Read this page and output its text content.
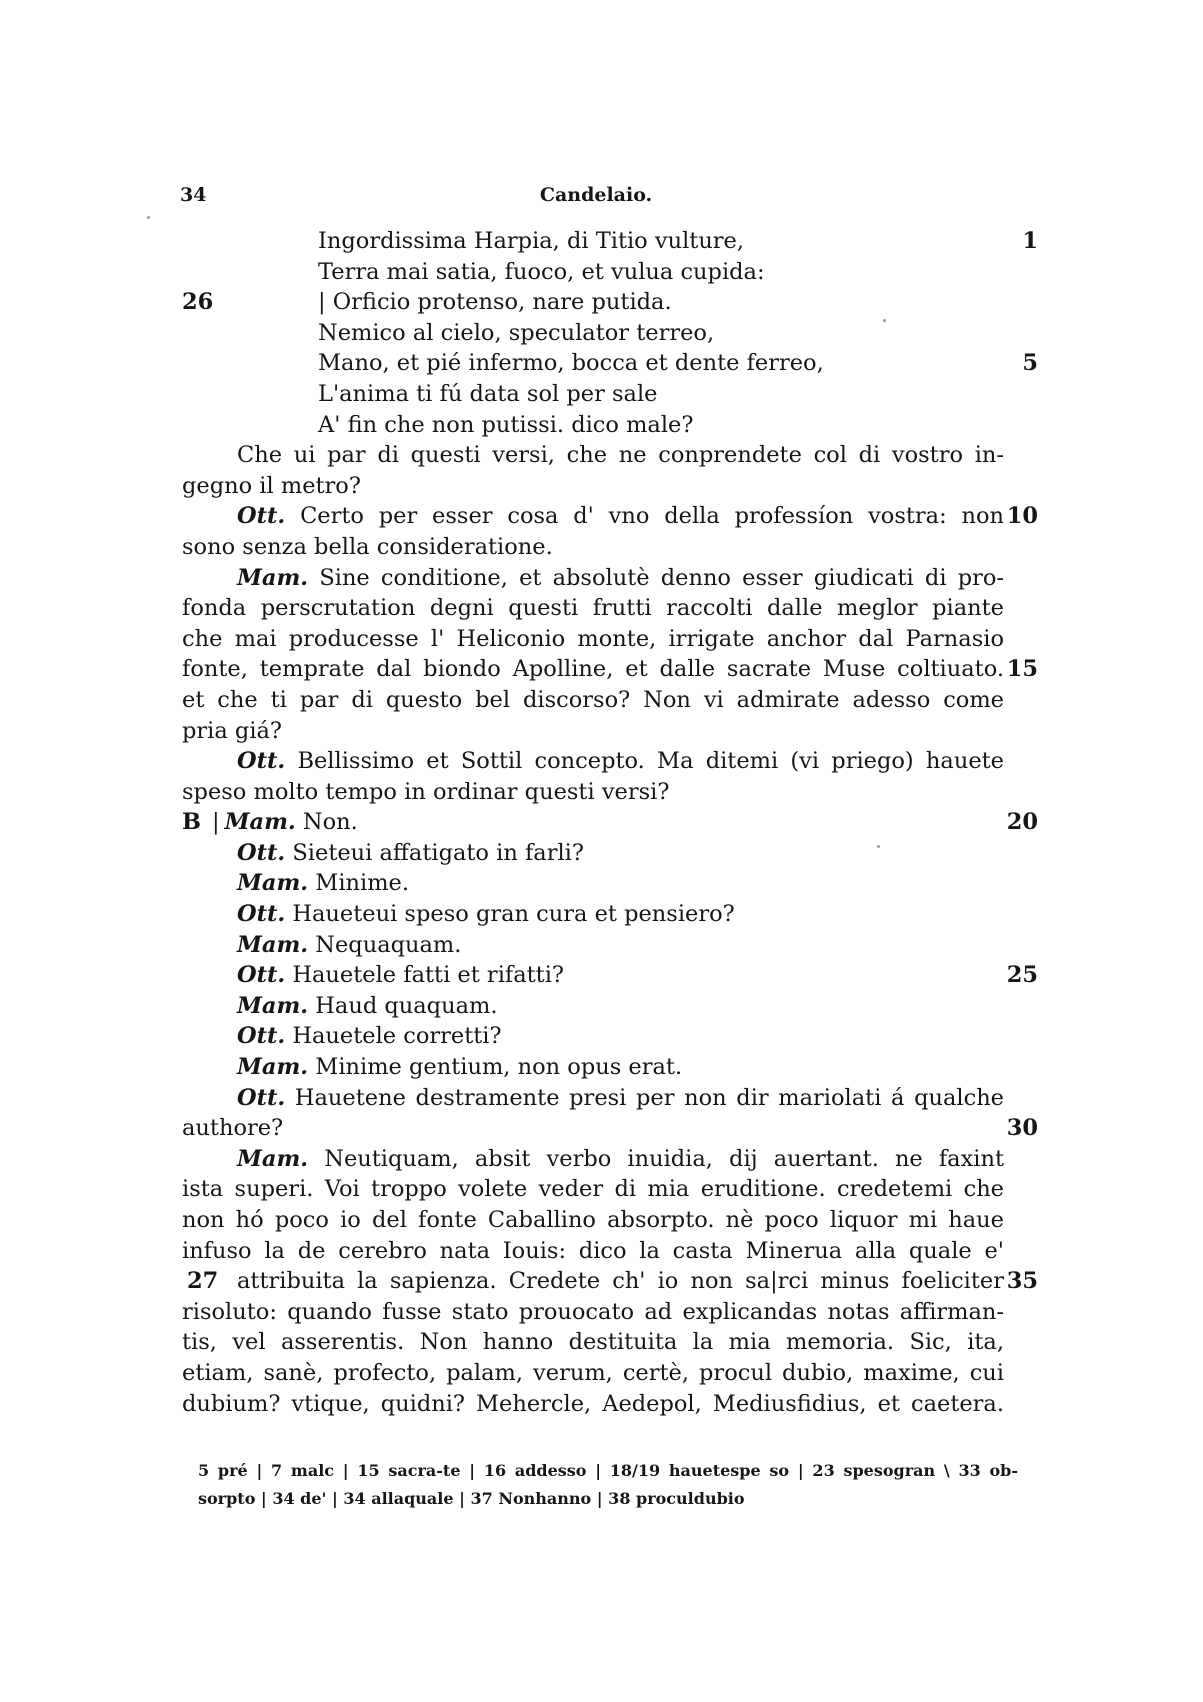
34	Candelaio.
Ingordissima Harpia, di Titio vulture,	1
Terra mai satia, fuoco, et vulua cupida:
26	| Orficio protenso, nare putida.
Nemico al cielo, speculator terreo,
Mano, et pié infermo, bocca et dente ferreo,	5
L'anima ti fú data sol per sale
A' fin che non putissi. dico male?
Che ui par di questi versi, che ne conprendete col di vostro in-
gegno il metro?
Ott. Certo per esser cosa d' vno della professíon vostra: non 10
sono senza bella consideratione.
Mam. Sine conditione, et absolutè denno esser giudicati di pro-
fonda perscrutation degni questi frutti raccolti dalle meglor piante
che mai producesse l' Heliconio monte, irrigate anchor dal Parnasio
fonte, temprate dal biondo Apolline, et dalle sacrate Muse coltiuato. 15
et che ti par di questo bel discorso? Non vi admirate adesso come
pria giá?
Ott. Bellissimo et Sottil concepto. Ma ditemi (vi priego) hauete
speso molto tempo in ordinar questi versi?
B | Mam. Non.	20
Ott. Sieteui affatigato in farli?
Mam. Minime.
Ott. Haueteui speso gran cura et pensiero?
Mam. Nequaquam.
Ott. Hauetele fatti et rifatti?	25
Mam. Haud quaquam.
Ott. Hauetele corretti?
Mam. Minime gentium, non opus erat.
Ott. Hauetene destramente presi per non dir mariolati á qualche
authore?	30
Mam. Neutiquam, absit verbo inuidia, dij auertant. ne faxint
ista superi. Voi troppo volete veder di mia eruditione. credetemi che
non hó poco io del fonte Caballino absorpto. nè poco liquor mi haue
infuso la de cerebro nata Iouis: dico la casta Minerua alla quale e'
27 attribuita la sapienza. Credete ch' io non sa|rci minus foeliciter 35
risoluto: quando fusse stato prouocato ad explicandas notas affirman-
tis, vel asserentis. Non hanno destituita la mia memoria. Sic, ita,
etiam, sanè, profecto, palam, verum, certè, procul dubio, maxime, cui
dubium? vtique, quidni? Mehercle, Aedepol, Mediusfidius, et caetera.
5 pré | 7 malc | 15 sacra-te | 16 addesso | 18/19 hauetespe so | 23 spesogran \ 33 ob-
sorpto | 34 de' | 34 allaquale | 37 Nonhanno | 38 proculdubio
